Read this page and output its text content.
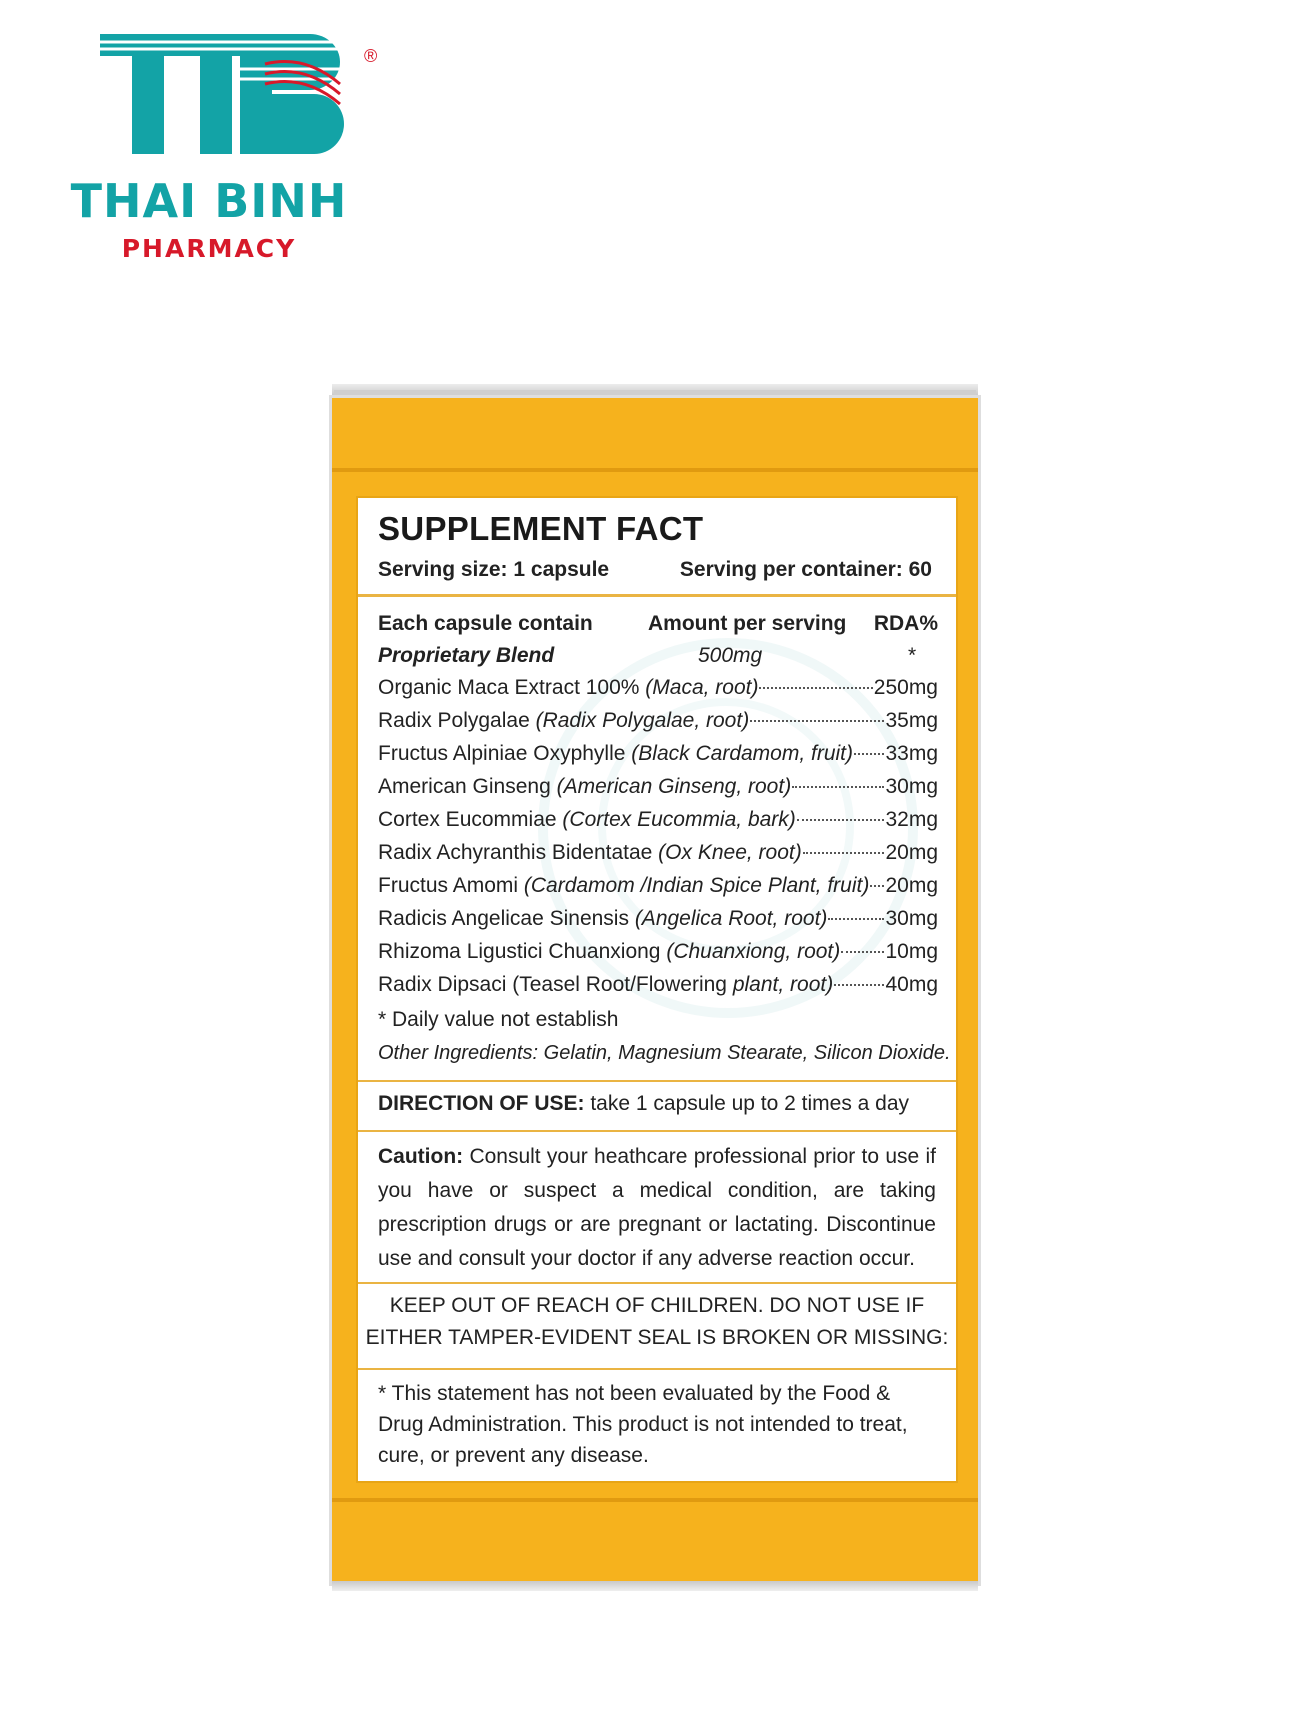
®
THAI BINH
PHARMACY
SUPPLEMENT FACT
Serving size: 1 capsule	Serving per container: 60
Each capsule contain	Amount per serving RDA%
Proprietary Blend	500mg	*
Organic Maca Extract 100% (Maca, root)	250mg
Radix Polygalae (Radix Polygalae, root)	35mg
Fructus Alpiniae Oxyphylle (Black Cardamom, fruit) 33mg
American Ginseng (American Ginseng, root)	30mg
Cortex Eucommiae (Cortex Eucommia, bark)	32mg
Radix Achyranthis Bidentatae (Ox Knee, root)	20mg
Fructus Amomi (Cardamom /Indian Spice Plant, fruit) 20mg
Radicis Angelicae Sinensis (Angelica Root, root)	30mg
Rhizoma Ligustici Chuanxiong (Chuanxiong, root) 10mg
Radix Dipsaci (Teasel Root/Flowering plant, root) 40mg
* Daily value not establish
Other Ingredients: Gelatin, Magnesium Stearate, Silicon Dioxide.
DIRECTION OF USE: take 1 capsule up to 2 times a day
Caution: Consult your heathcare professional prior to use if you have or suspect a medical condition, are taking prescription drugs or are pregnant or lactating. Discontinue use and consult your doctor if any adverse reaction occur.
KEEP OUT OF REACH OF CHILDREN. DO NOT USE IF
EITHER TAMPER-EVIDENT SEAL IS BROKEN OR MISSING:
* This statement has not been evaluated by the Food & Drug Administration. This product is not intended to treat, cure, or prevent any disease.
